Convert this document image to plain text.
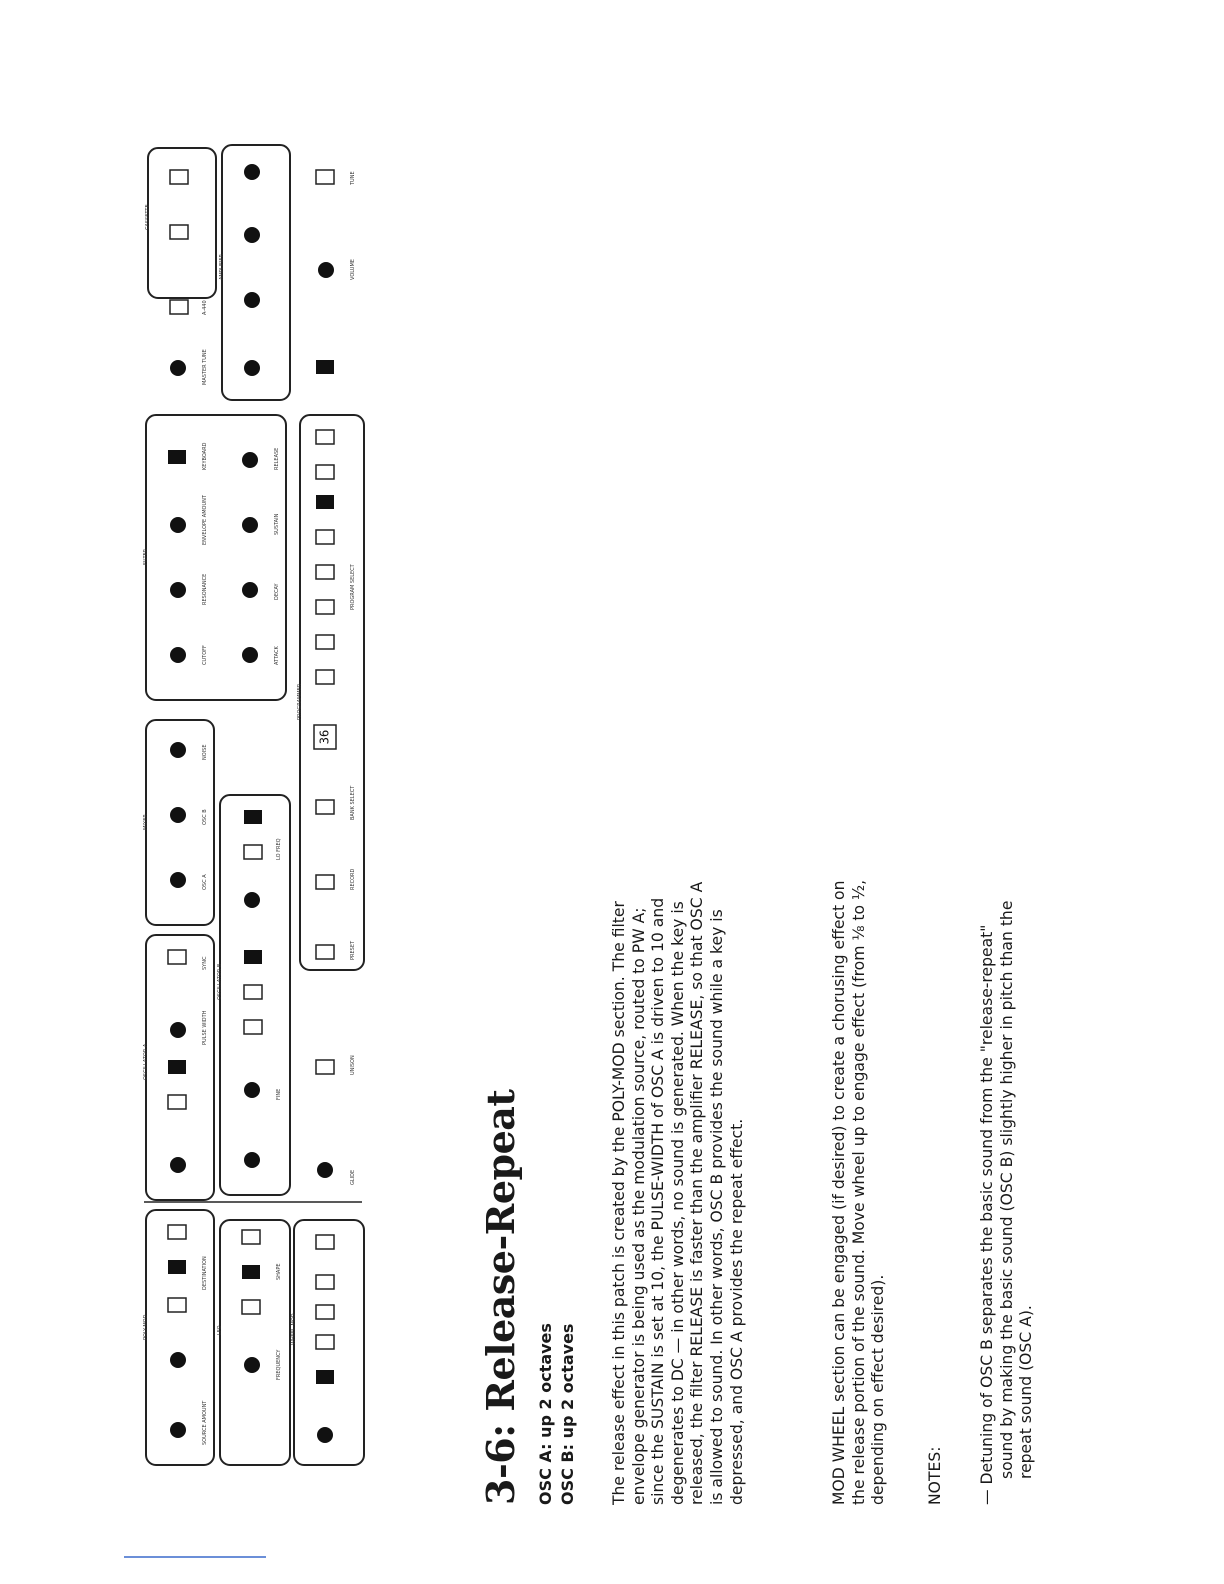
36
POLY-MOD	LFO	WHEEL-MOD
OSCILLATOR A
OSCILLATOR B
MIXER
FILTER
AMPLIFIER
PROGRAMMER
CASSETTE
SOURCE AMOUNT
FREQUENCY
SHAPE
PULSE WIDTH
FINE
GLIDE
OSC A
OSC B
NOISE
CUTOFF
RESONANCE
ENVELOPE AMOUNT
ATTACK
DECAY
SUSTAIN
RELEASE
MASTER TUNE
VOLUME
DESTINATION
UNISON
PRESET
RECORD
BANK SELECT
PROGRAM SELECT
KEYBOARD
A-440
TUNE
LO FREQ
SYNC
3-6: Release-Repeat OSC A: up 2 octaves OSC B: up 2 octaves The release effect in this patch is created by the POLY-MOD section. The filter envelope generator is being used as the modulation source, routed to PW A; since the SUSTAIN is set at 10, the PULSE-WIDTH of OSC A is driven to 10 and degenerates to DC — in other words, no sound is generated. When the key is released, the filter RELEASE is faster than the amplifier RELEASE, so that OSC A is allowed to sound. In other words, OSC B provides the sound while a key is depressed, and OSC A provides the repeat effect.	MOD WHEEL section can be engaged (if desired) to create a chorusing effect on the release portion of the sound. Move wheel up to engage effect (from ⅛ to ½, depending on effect desired). NOTES: — Detuning of OSC B separates the basic sound from the "release-repeat" sound by making the basic sound (OSC B) slightly higher in pitch than the repeat sound (OSC A).
